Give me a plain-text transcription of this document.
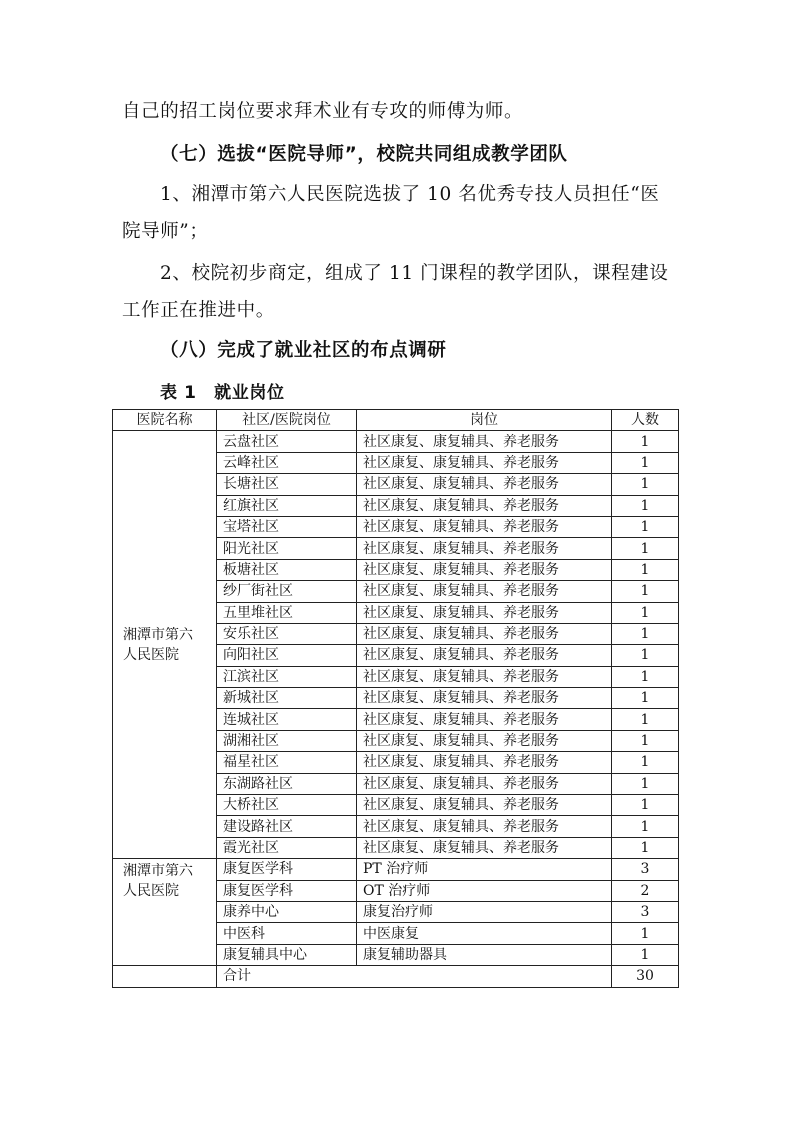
自己的招工岗位要求拜术业有专攻的师傅为师。
（七）选拔“医院导师”，校院共同组成教学团队
1、湘潭市第六人民医院选拔了 10 名优秀专技人员担任“医
院导师”；
2、校院初步商定，组成了 11 门课程的教学团队，课程建设
工作正在推进中。
（八）完成了就业社区的布点调研
表 1　就业岗位
医院名称	社区/医院岗位	岗位	人数
湘潭市第六人民医院	云盘社区	社区康复、康复辅具、养老服务	1
	云峰社区	社区康复、康复辅具、养老服务	1
	长塘社区	社区康复、康复辅具、养老服务	1
	红旗社区	社区康复、康复辅具、养老服务	1
	宝塔社区	社区康复、康复辅具、养老服务	1
	阳光社区	社区康复、康复辅具、养老服务	1
	板塘社区	社区康复、康复辅具、养老服务	1
	纱厂街社区	社区康复、康复辅具、养老服务	1
	五里堆社区	社区康复、康复辅具、养老服务	1
	安乐社区	社区康复、康复辅具、养老服务	1
	向阳社区	社区康复、康复辅具、养老服务	1
	江滨社区	社区康复、康复辅具、养老服务	1
	新城社区	社区康复、康复辅具、养老服务	1
	连城社区	社区康复、康复辅具、养老服务	1
	湖湘社区	社区康复、康复辅具、养老服务	1
	福星社区	社区康复、康复辅具、养老服务	1
	东湖路社区	社区康复、康复辅具、养老服务	1
	大桥社区	社区康复、康复辅具、养老服务	1
	建设路社区	社区康复、康复辅具、养老服务	1
	霞光社区	社区康复、康复辅具、养老服务	1
湘潭市第六人民医院	康复医学科	PT 治疗师	3
	康复医学科	OT 治疗师	2
	康养中心	康复治疗师	3
	中医科	中医康复	1
	康复辅具中心	康复辅助器具	1
	合计		30
